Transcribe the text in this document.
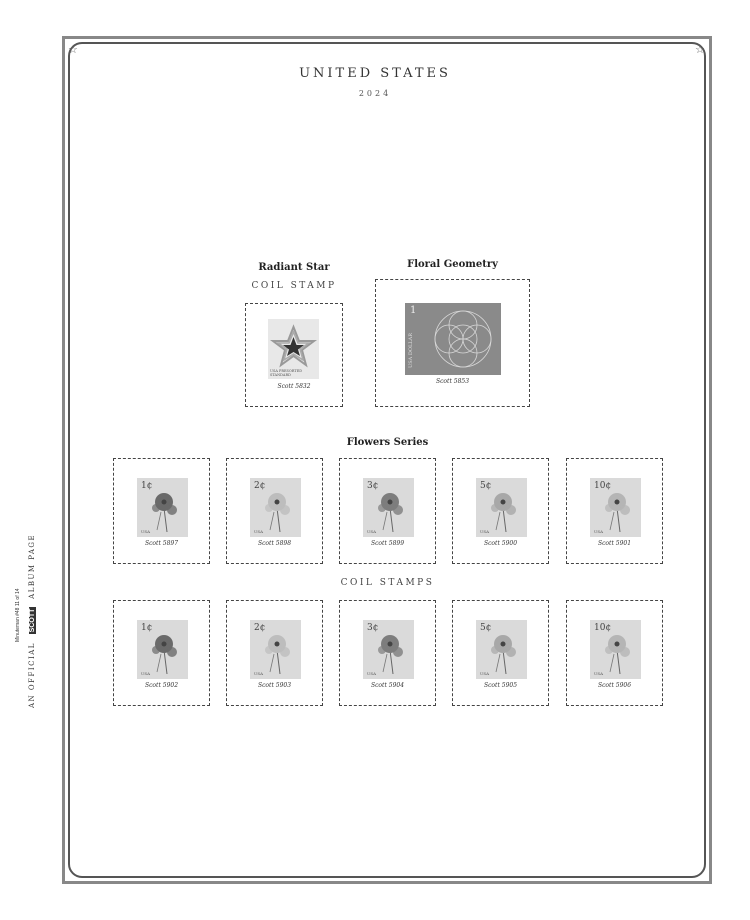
☆	☆
UNITED STATES
2024
Radiant Star
COIL STAMP
USA PRESORTED STANDARD
Scott 5832
Floral Geometry
1
USA DOLLAR
Scott 5853
Flowers Series
1¢
USA
Scott 5897
2¢
USA
Scott 5898
3¢
USA
Scott 5899
5¢
USA
Scott 5900
10¢
USA
Scott 5901
COIL STAMPS
1¢
USA
Scott 5902
2¢
USA
Scott 5903
3¢
USA
Scott 5904
5¢
USA
Scott 5905
10¢
USA
Scott 5906
AN OFFICIAL SCOTT ALBUM PAGE
Minuteman #48 11 of 14
